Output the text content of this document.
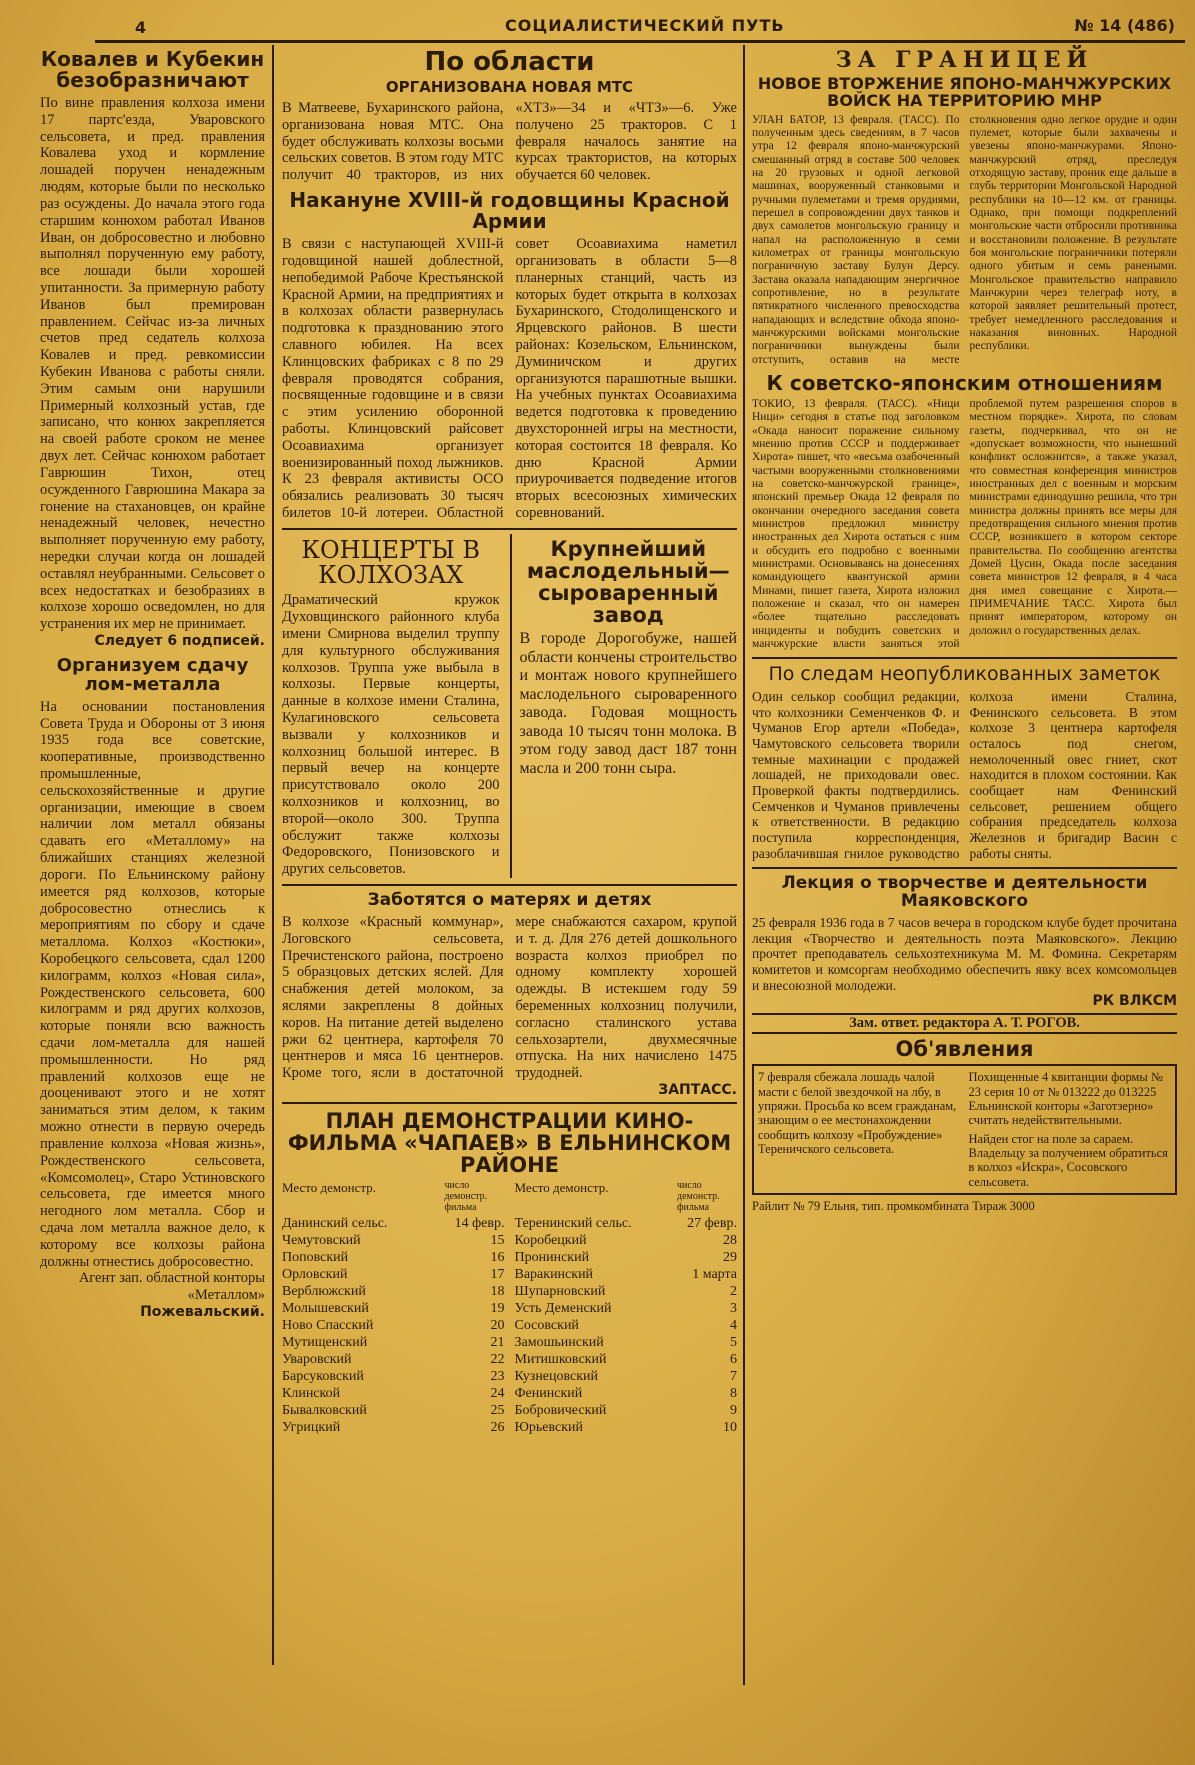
4	СОЦИАЛИСТИЧЕСКИЙ ПУТЬ	№ 14 (486)
Ковалев и Кубекин безобразничают
По вине правления колхоза имени 17 партс'езда, Уваровского сельсовета, и пред. правления Ковалева уход и кормление лошадей поручен ненадежным людям, которые были по несколько раз осуждены. До начала этого года старшим конюхом работал Иванов Иван, он добросовестно и любовно выполнял порученную ему работу, все лошади были хорошей упитанности. За примерную работу Иванов был премирован правлением. Сейчас из-за личных счетов пред седатель колхоза Ковалев и пред. ревкомиссии Кубекин Иванова с работы сняли. Этим самым они нарушили Примерный колхозный устав, где записано, что конюх закрепляется на своей работе сроком не менее двух лет. Сейчас конюхом работает Гаврюшин Тихон, отец осужденного Гаврюшина Макара за гонение на стахановцев, он крайне ненадежный человек, нечестно выполняет порученную ему работу, нередки случаи когда он лошадей оставлял неубранными. Сельсовет о всех недостатках и безобразиях в колхозе хорошо осведомлен, но для устранения их мер не принимает.
Следует 6 подписей.
Организуем сдачу лом-металла
На основании постановления Совета Труда и Обороны от 3 июня 1935 года все советские, кооперативные, производственно промышленные, сельскохозяйственные и другие организации, имеющие в своем наличии лом металл обязаны сдавать его «Металлому» на ближайших станциях железной дороги. По Ельнинскому району имеется ряд колхозов, которые добросовестно отнеслись к мероприятиям по сбору и сдаче металлома. Колхоз «Костюки», Коробецкого сельсовета, сдал 1200 килограмм, колхоз «Новая сила», Рождественского сельсовета, 600 килограмм и ряд других колхозов, которые поняли всю важность сдачи лом-металла для нашей промышленности. Но ряд правлений колхозов еще не дооценивают этого и не хотят заниматься этим делом, к таким можно отнести в первую очередь правление колхоза «Новая жизнь», Рождественского сельсовета, «Комсомолец», Старо Устиновского сельсовета, где имеется много негодного лом металла. Сбор и сдача лом металла важное дело, к которому все колхозы района должны отнестись добросовестно.
Агент зап. областной конторы «Металлом»
Пожевальский.
По области
ОРГАНИЗОВАНА НОВАЯ МТС
В Матвееве, Бухаринского района, организована новая МТС. Она будет обслуживать колхозы восьми сельских советов. В этом году МТС получит 40 тракторов, из них «ХТЗ»—34 и «ЧТЗ»—6. Уже получено 25 тракторов. С 1 февраля началось занятие на курсах трактористов, на которых обучается 60 человек.
Накануне XVIII-й годовщины Красной Армии
В связи с наступающей XVIII-й годовщиной нашей доблестной, непобедимой Рабоче Крестьянской Красной Армии, на предприятиях и в колхозах области развернулась подготовка к празднованию этого славного юбилея. На всех Клинцовских фабриках с 8 по 29 февраля проводятся собрания, посвященные годовщине и в связи с этим усилению оборонной работы. Клинцовский райсовет Осоавиахима организует военизированный поход лыжников. К 23 февраля активисты ОСО обязались реализовать 30 тысяч билетов 10-й лотереи. Областной совет Осоавиахима наметил организовать в области 5—8 планерных станций, часть из которых будет открыта в колхозах Бухаринского, Стодолищенского и Ярцевского районов. В шести районах: Козельском, Ельнинском, Думиничском и других организуются парашютные вышки. На учебных пунктах Осоавиахима ведется подготовка к проведению двухсторонней игры на местности, которая состоится 18 февраля. Ко дню Красной Армии приурочивается подведение итогов вторых всесоюзных химических соревнований.
КОНЦЕРТЫ В КОЛХОЗАХ
Драматический кружок Духовщинского районного клуба имени Смирнова выделил труппу для культурного обслуживания колхозов. Труппа уже выбыла в колхозы. Первые концерты, данные в колхозе имени Сталина, Кулагиновского сельсовета вызвали у колхозников и колхозниц большой интерес. В первый вечер на концерте присутствовало около 200 колхозников и колхозниц, во второй—около 300. Труппа обслужит также колхозы Федоровского, Понизовского и других сельсоветов.
Крупнейший маслодельный—сыроваренный завод
В городе Дорогобуже, нашей области кончены строительство и монтаж нового крупнейшего маслодельного сыроваренного завода. Годовая мощность завода 10 тысяч тонн молока. В этом году завод даст 187 тонн масла и 200 тонн сыра.
Заботятся о матерях и детях
В колхозе «Красный коммунар», Логовского сельсовета, Пречистенского района, построено 5 образцовых детских яслей. Для снабжения детей молоком, за яслями закреплены 8 дойных коров. На питание детей выделено ржи 62 центнера, картофеля 70 центнеров и мяса 16 центнеров. Кроме того, ясли в достаточной мере снабжаются сахаром, крупой и т. д. Для 276 детей дошкольного возраста колхоз приобрел по одному комплекту хорошей одежды. В истекшем году 59 беременных колхозниц получили, согласно сталинского устава сельхозартели, двухмесячные отпуска. На них начислено 1475 трудодней.
ЗАПТАСС.
ПЛАН ДЕМОНСТРАЦИИ КИНО-ФИЛЬМА «ЧАПАЕВ» В ЕЛЬНИНСКОМ РАЙОНЕ
Место демонстр.	число демонстр. фильма
Место демонстр.	число демонстр. фильма
Данинский сельс.	14 февр.
Чемутовский	15
Поповский	16
Орловский	17
Верблюжский	18
Молышевский	19
Ново Спасский	20
Мутищенский	21
Уваровский	22
Барсуковский	23
Клинской	24
Бывалковский	25
Угрицкий	26
Теренинский сельс.	27 февр.
Коробецкий	28
Пронинский	29
Варакинский	1 марта
Шупарновский	2
Усть Деменский	3
Сосовский	4
Замошьинский	5
Митишковский	6
Кузнецовский	7
Фенинский	8
Бобровический	9
Юрьевский	10
ЗА ГРАНИЦЕЙ
НОВОЕ ВТОРЖЕНИЕ ЯПОНО-МАНЧЖУРСКИХ ВОЙСК НА ТЕРРИТОРИЮ МНР
УЛАН БАТОР, 13 февраля. (ТАСС). По полученным здесь сведениям, в 7 часов утра 12 февраля японо-манчжурский смешанный отряд в составе 500 человек на 20 грузовых и одной легковой машинах, вооруженный станковыми и ручными пулеметами и тремя орудиями, перешел в сопровождении двух танков и двух самолетов монгольскую границу и напал на расположенную в семи километрах от границы монгольскую пограничную заставу Булун Дерсу. Застава оказала нападающим энергичное сопротивление, но в результате пятикратного численного превосходства нападающих и вследствие обхода японо-манчжурскими войсками монгольские пограничники вынуждены были отступить, оставив на месте столкновения одно легкое орудие и один пулемет, которые были захвачены и увезены японо-манчжурами. Японо-манчжурский отряд, преследуя отходящую заставу, проник еще дальше в глубь территории Монгольской Народной республики на 10—12 км. от границы. Однако, при помощи подкреплений монгольские части отбросили противника и восстановили положение. В результате боя монгольские пограничники потеряли одного убитым и семь ранеными. Монгольское правительство направило Манчжурии через телеграф ноту, в которой заявляет решительный протест, требует немедленного расследования и наказания виновных. Народной республики.
К советско-японским отношениям
ТОКИО, 13 февраля. (ТАСС). «Ници Ници» сегодня в статье под заголовком «Окада наносит поражение сильному мнению против СССР и поддерживает Хирота» пишет, что «весьма озабоченный частыми вооруженными столкновениями на советско-манчжурской границе», японский премьер Окада 12 февраля по окончании очередного заседания совета министров предложил министру иностранных дел Хирота остаться с ним и обсудить его подробно с военными министрами. Основываясь на донесениях командующего квантунской армии Минами, пишет газета, Хирота изложил положение и сказал, что он намерен «более тщательно расследовать инциденты и побудить советских и манчжурские власти заняться этой проблемой путем разрешения споров в местном порядке». Хирота, по словам газеты, подчеркивал, что он не «допускает возможности, что нынешний конфликт осложнится», а также указал, что совместная конференция министров иностранных дел с военным и морским министрами единодушно решила, что три министра должны принять все меры для предотвращения сильного мнения против СССР, возникшего в котором секторе правительства. По сообщению агентства Домей Цусин, Окада после заседания совета министров 12 февраля, в 4 часа дня имел совещание с Хирота.— ПРИМЕЧАНИЕ ТАСС. Хирота был принят императором, которому он доложил о государственных делах.
По следам неопубликованных заметок
Один селькор сообщил редакции, что колхозники Семенченков Ф. и Чуманов Егор артели «Победа», Чамутовского сельсовета творили темные махинации с продажей лошадей, не приходовали овес. Проверкой факты подтвердились. Семченков и Чуманов привлечены к ответственности. В редакцию поступила корреспонденция, разоблачившая гнилое руководство колхоза имени Сталина, Фенинского сельсовета. В этом колхозе 3 центнера картофеля осталось под снегом, немолоченный овес гниет, скот находится в плохом состоянии. Как сообщает нам Фенинский сельсовет, решением общего собрания председатель колхоза Железнов и бригадир Васин с работы сняты.
Лекция о творчестве и деятельности Маяковского
25 февраля 1936 года в 7 часов вечера в городском клубе будет прочитана лекция «Творчество и деятельность поэта Маяковского». Лекцию прочтет преподаватель сельхозтехникума М. М. Фомина. Секретарям комитетов и комсоргам необходимо обеспечить явку всех комсомольцев и внесоюзной молодежи.
РК ВЛКСМ
Зам. ответ. редактора А. Т. РОГОВ.
Об'явления
7 февраля сбежала лошадь чалой масти с белой звездочкой на лбу, в упряжи. Просьба ко всем гражданам, знающим о ее местонахождении сообщить колхозу «Пробуждение» Тереничского сельсовета.
Похищенные 4 квитанции формы № 23 серия 10 от № 013222 до 013225 Ельнинской конторы «Заготзерно» считать недействительными.
Найден стог на поле за сараем. Владельцу за получением обратиться в колхоз «Искра», Сосовского сельсовета.
Райлит № 79 Ельня, тип. промкомбината Тираж 3000
